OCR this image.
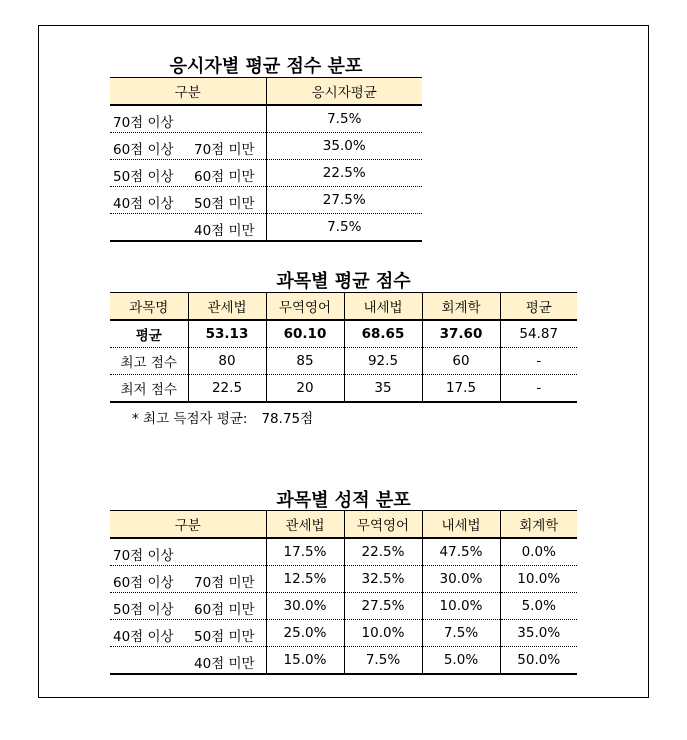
응시자별 평균 점수 분포
구분	응시자평균

70점 이상	7.5%

60점 이상 70점 미만	35.0%

50점 이상 60점 미만	22.5%

40점 이상 50점 미만	27.5%

40점 미만	7.5%
과목별 평균 점수
과목명	관세법	무역영어	내세법	회계학	평균
평균	53.13	60.10	68.65	37.60	54.87
최고 점수	80	85	92.5	60	-
최저 점수	22.5	20	35	17.5	-
* 최고 득점자 평균: 78.75점
과목별 성적 분포
구분	관세법	무역영어	내세법	회계학

70점 이상	17.5%	22.5%	47.5%	0.0%

60점 이상 70점 미만	12.5%	32.5%	30.0%	10.0%

50점 이상 60점 미만	30.0%	27.5%	10.0%	5.0%

40점 이상 50점 미만	25.0%	10.0%	7.5%	35.0%

40점 미만	15.0%	7.5%	5.0%	50.0%
